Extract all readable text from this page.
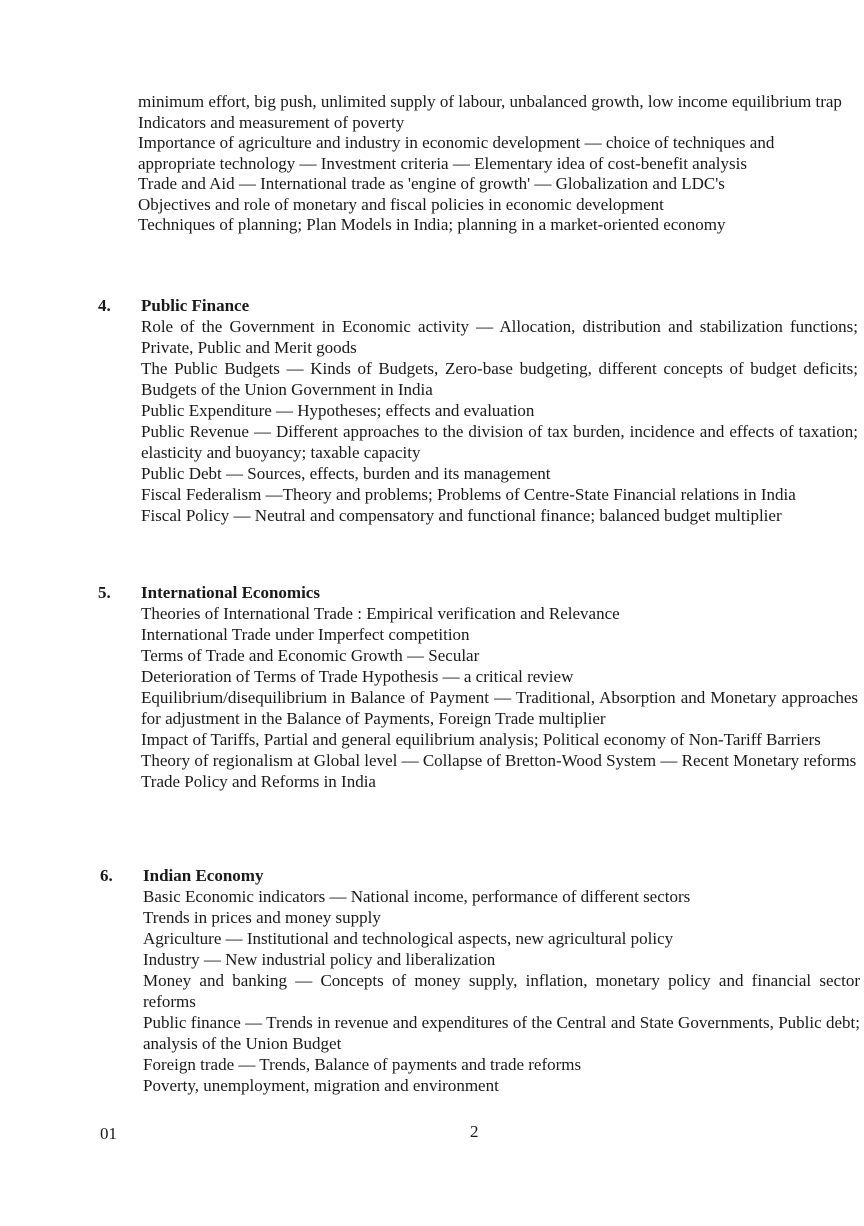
minimum effort, big push, unlimited supply of labour, unbalanced growth, low income equilibrium trap
Indicators and measurement of poverty
Importance of agriculture and industry in economic development — choice of techniques and appropriate technology — Investment criteria — Elementary idea of cost-benefit analysis
Trade and Aid — International trade as 'engine of growth' — Globalization and LDC's
Objectives and role of monetary and fiscal policies in economic development
Techniques of planning; Plan Models in India; planning in a market-oriented economy
4. Public Finance
Role of the Government in Economic activity — Allocation, distribution and stabilization functions; Private, Public and Merit goods
The Public Budgets — Kinds of Budgets, Zero-base budgeting, different concepts of budget deficits; Budgets of the Union Government in India
Public Expenditure — Hypotheses; effects and evaluation
Public Revenue — Different approaches to the division of tax burden, incidence and effects of taxation; elasticity and buoyancy; taxable capacity
Public Debt — Sources, effects, burden and its management
Fiscal Federalism —Theory and problems; Problems of Centre-State Financial relations in India
Fiscal Policy — Neutral and compensatory and functional finance; balanced budget multiplier
5. International Economics
Theories of International Trade : Empirical verification and Relevance
International Trade under Imperfect competition
Terms of Trade and Economic Growth — Secular
Deterioration of Terms of Trade Hypothesis — a critical review
Equilibrium/disequilibrium in Balance of Payment — Traditional, Absorption and Monetary approaches for adjustment in the Balance of Payments, Foreign Trade multiplier
Impact of Tariffs, Partial and general equilibrium analysis; Political economy of Non-Tariff Barriers
Theory of regionalism at Global level — Collapse of Bretton-Wood System — Recent Monetary reforms
Trade Policy and Reforms in India
6. Indian Economy
Basic Economic indicators — National income, performance of different sectors
Trends in prices and money supply
Agriculture — Institutional and technological aspects, new agricultural policy
Industry — New industrial policy and liberalization
Money and banking — Concepts of money supply, inflation, monetary policy and financial sector reforms
Public finance — Trends in revenue and expenditures of the Central and State Governments, Public debt; analysis of the Union Budget
Foreign trade — Trends, Balance of payments and trade reforms
Poverty, unemployment, migration and environment
01	2
